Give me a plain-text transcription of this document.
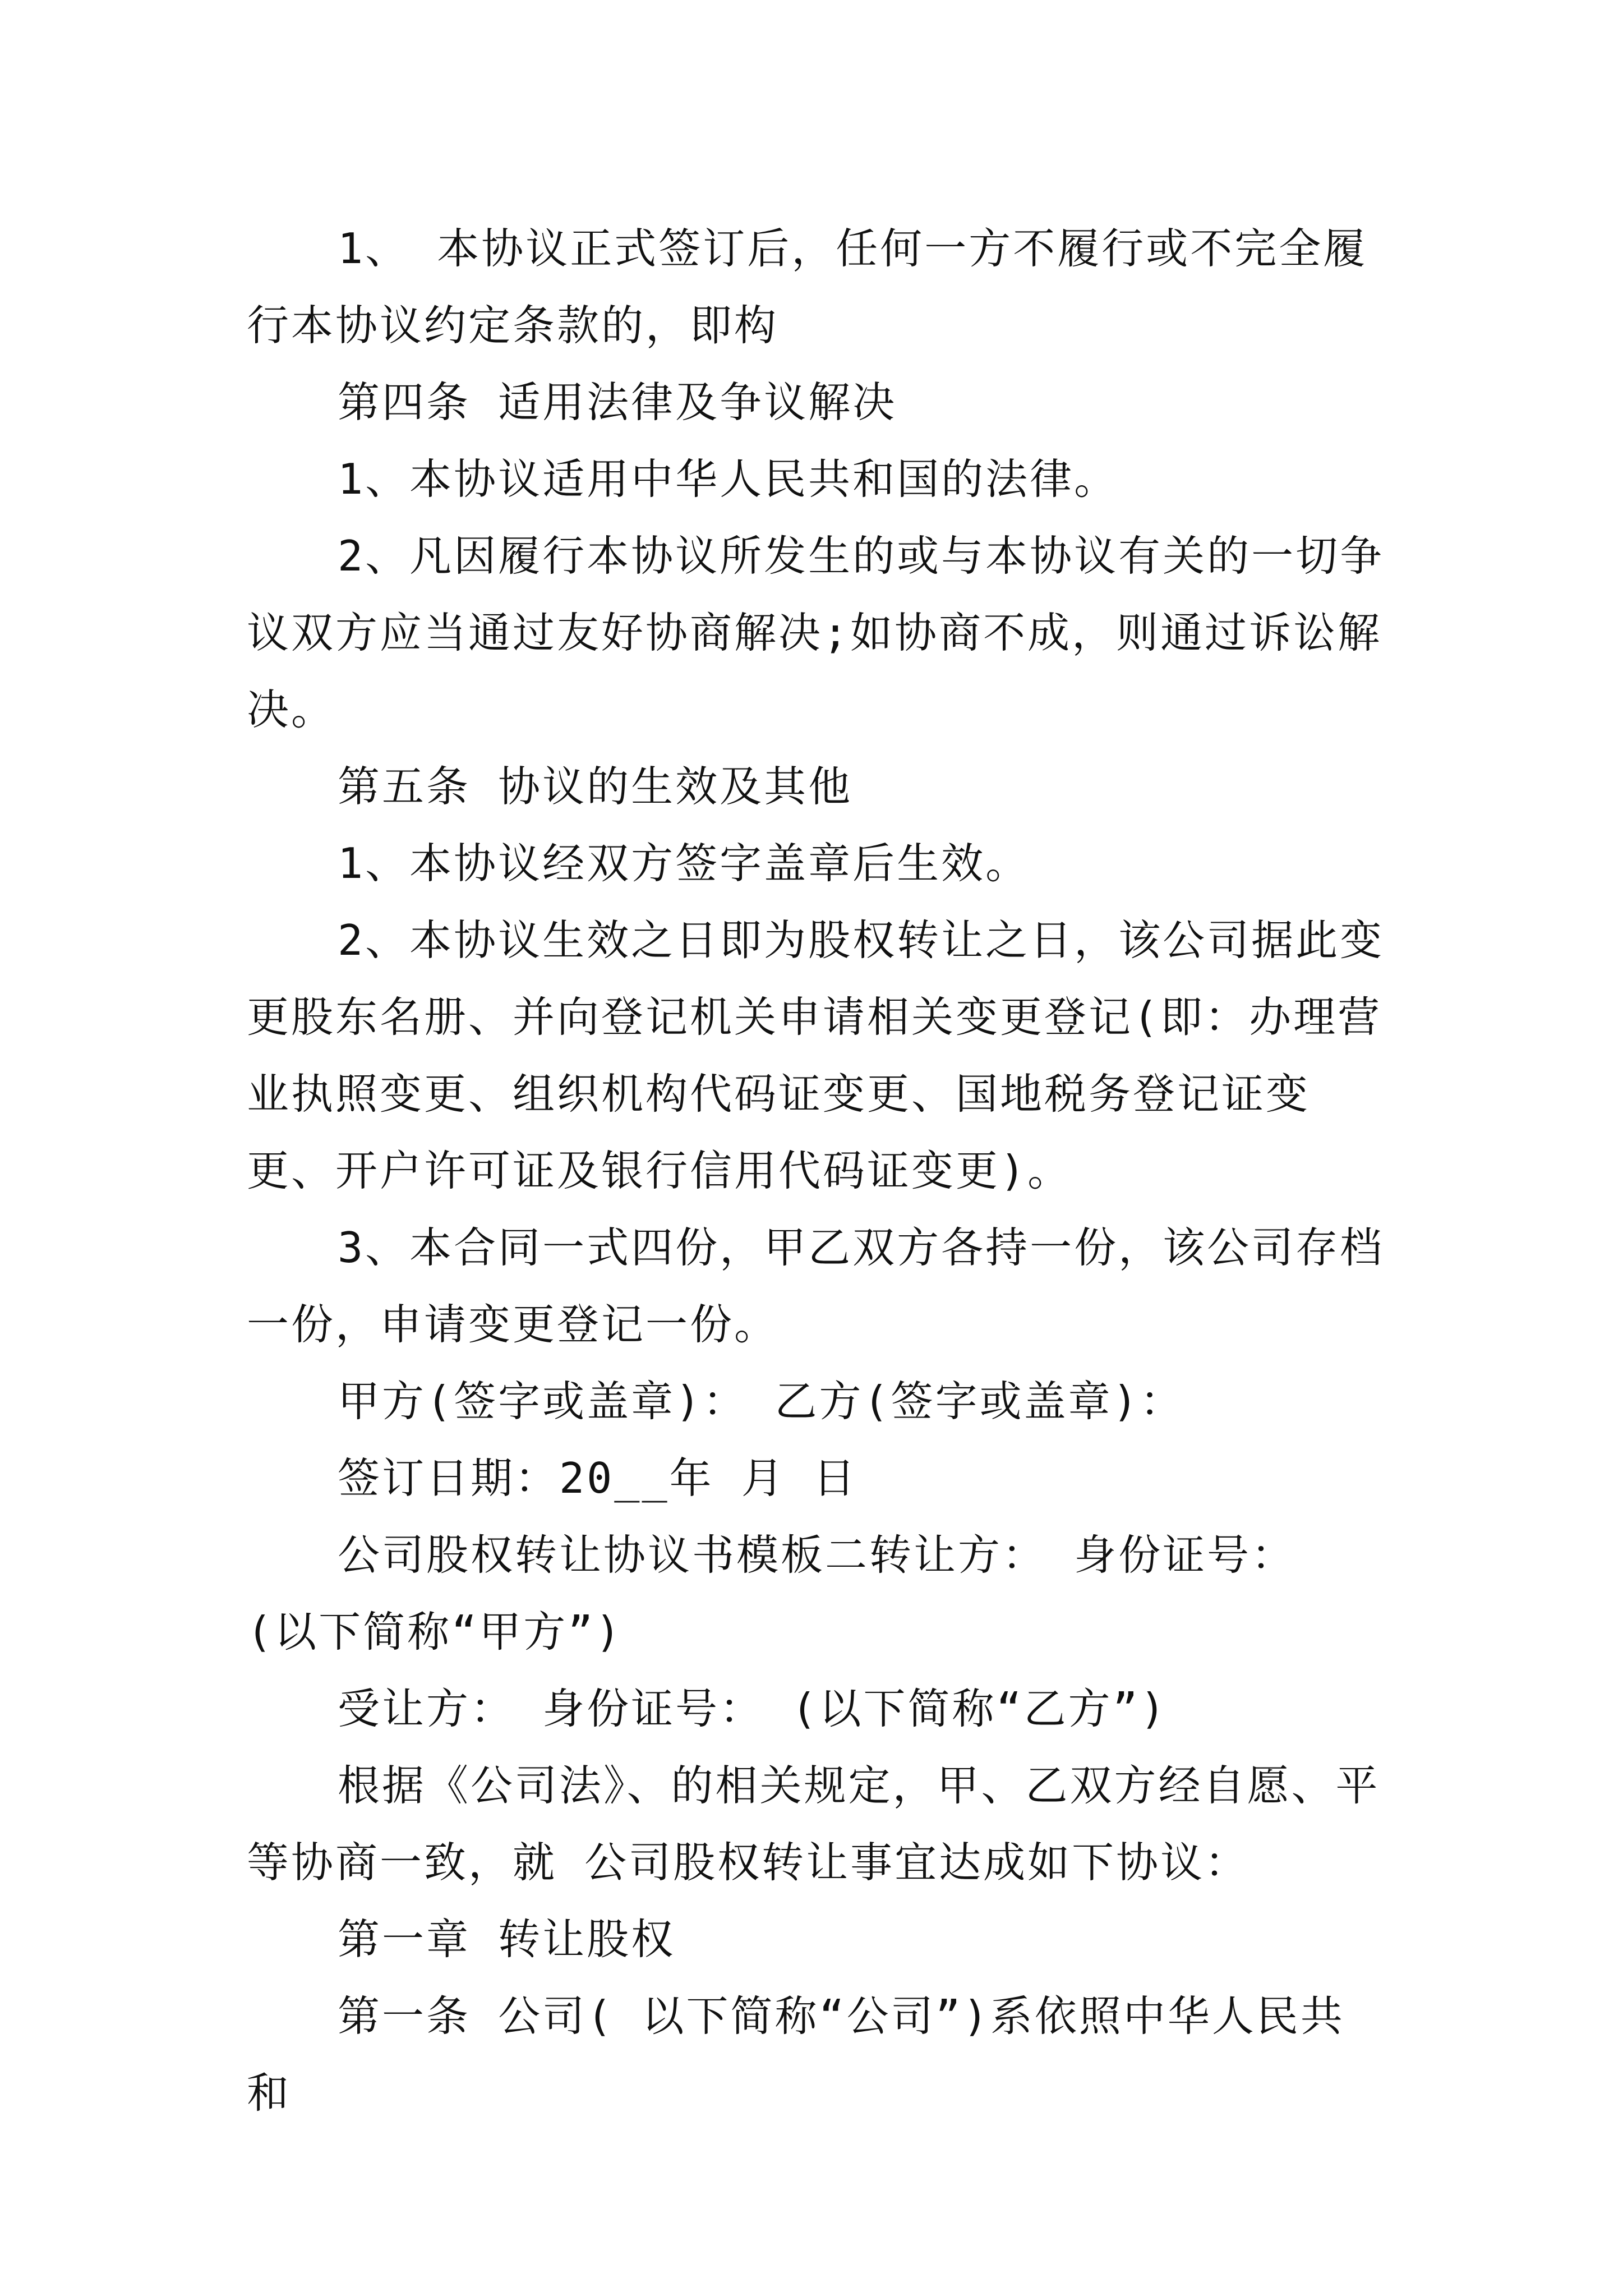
1、 本协议正式签订后，任何一方不履行或不完全履行本协议约定条款的，即构

第四条 适用法律及争议解决

1、本协议适用中华人民共和国的法律。

2、凡因履行本协议所发生的或与本协议有关的一切争议双方应当通过友好协商解决;如协商不成，则通过诉讼解决。

第五条 协议的生效及其他

1、本协议经双方签字盖章后生效。

2、本协议生效之日即为股权转让之日，该公司据此变更股东名册、并向登记机关申请相关变更登记(即：办理营业执照变更、组织机构代码证变更、国地税务登记证变更、开户许可证及银行信用代码证变更)。

3、本合同一式四份，甲乙双方各持一份，该公司存档一份，申请变更登记一份。

甲方(签字或盖章)： 乙方(签字或盖章)：

签订日期：20__年 月 日

公司股权转让协议书模板二转让方： 身份证号： (以下简称“甲方”)

受让方： 身份证号： (以下简称“乙方”)

根据《公司法》、的相关规定，甲、乙双方经自愿、平等协商一致，就 公司股权转让事宜达成如下协议：

第一章 转让股权

第一条 公司( 以下简称“公司”)系依照中华人民共和
